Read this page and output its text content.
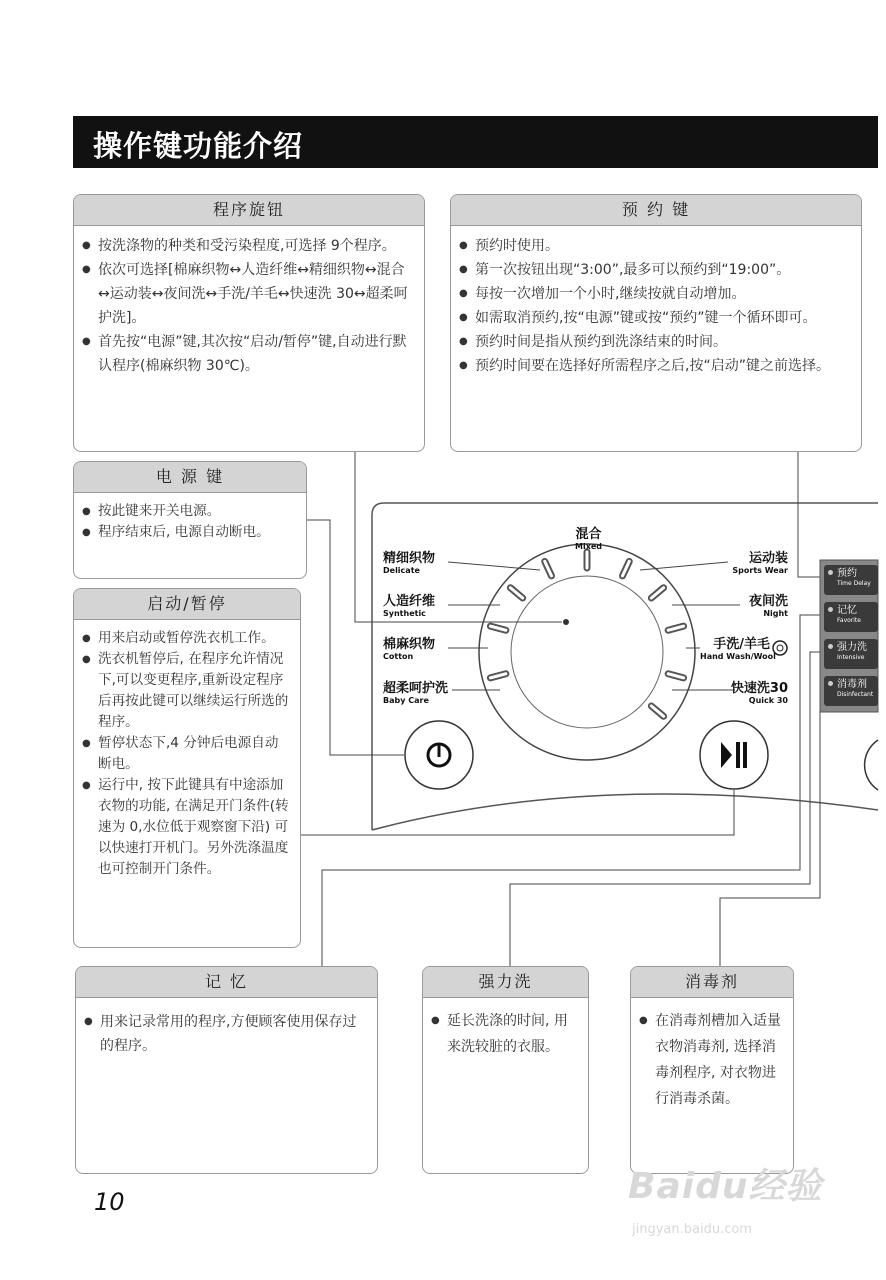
操作键功能介绍
混合
Mixed
精细织物
Delicate
人造纤维
Synthetic
棉麻织物
Cotton
超柔呵护洗
Baby Care
运动装
Sports Wear
夜间洗
Night
手洗/羊毛
Hand Wash/Wool
快速洗30
Quick 30
预约
Time Delay
记忆
Favorite
强力洗
Intensive
消毒剂
Disinfectant
程序旋钮
● 按洗涤物的种类和受污染程度,可选择 9个程序。
● 依次可选择[棉麻织物↔人造纤维↔精细织物↔混合↔运动装↔夜间洗↔手洗/羊毛↔快速洗 30↔超柔呵护洗]。
● 首先按“电源”键,其次按“启动/暂停”键,自动进行默认程序(棉麻织物 30℃)。
预 约 键
● 预约时使用。
● 第一次按钮出现“3:00”,最多可以预约到“19:00”。
● 每按一次增加一个小时,继续按就自动增加。
● 如需取消预约,按“电源”键或按“预约”键一个循环即可。
● 预约时间是指从预约到洗涤结束的时间。
● 预约时间要在选择好所需程序之后,按“启动”键之前选择。
电 源 键
● 按此键来开关电源。
● 程序结束后, 电源自动断电。
启动/暂停
● 用来启动或暂停洗衣机工作。
● 洗衣机暂停后, 在程序允许情况下,可以变更程序,重新设定程序后再按此键可以继续运行所选的程序。
● 暂停状态下,4 分钟后电源自动断电。
● 运行中, 按下此键具有中途添加衣物的功能, 在满足开门条件(转速为 0,水位低于观察窗下沿) 可以快速打开机门。另外洗涤温度也可控制开门条件。
记 忆
● 用来记录常用的程序,方便顾客使用保存过的程序。
强力洗
● 延长洗涤的时间, 用来洗较脏的衣服。
消毒剂
● 在消毒剂槽加入适量衣物消毒剂, 选择消毒剂程序, 对衣物进行消毒杀菌。
10	Baidu经验
jingyan.baidu.com
